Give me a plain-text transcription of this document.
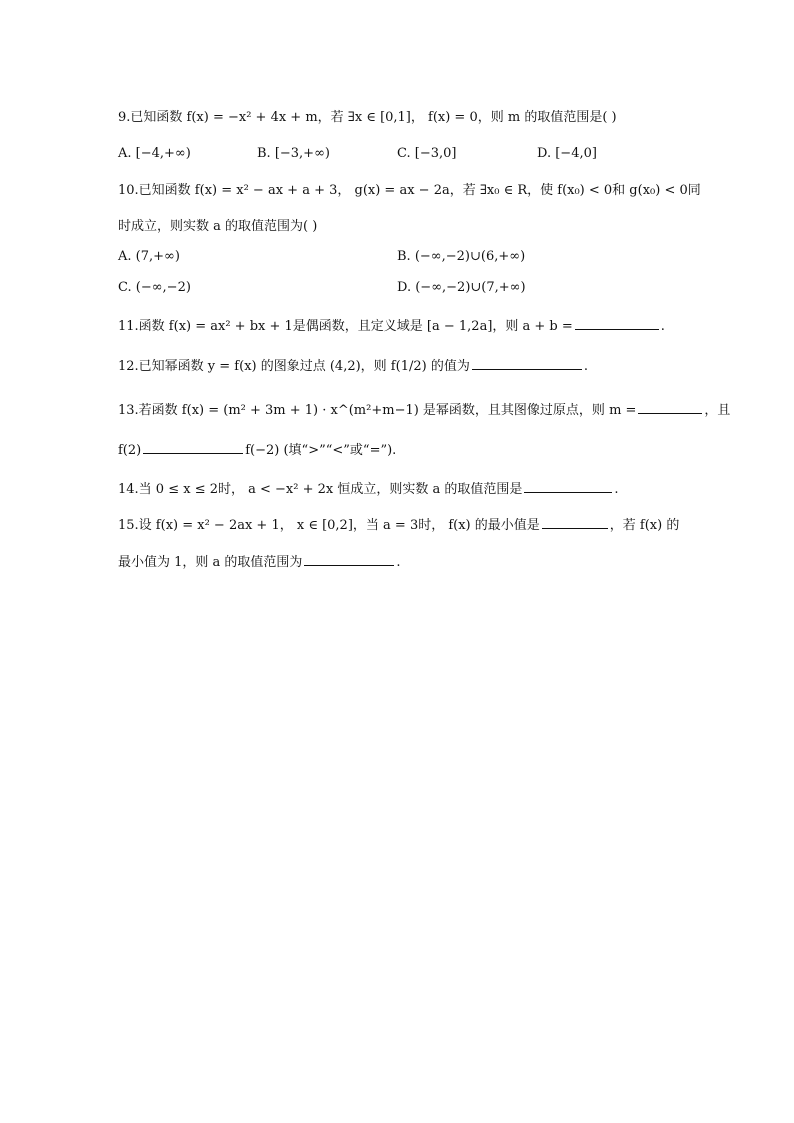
9.已知函数 f(x) = −x² + 4x + m，若 ∃x ∈ [0,1]， f(x) = 0，则 m 的取值范围是( )
A. [−4,+∞)	B. [−3,+∞)	C. [−3,0]	D. [−4,0]
10.已知函数 f(x) = x² − ax + a + 3， g(x) = ax − 2a，若 ∃x₀ ∈ R，使 f(x₀) < 0和 g(x₀) < 0同
时成立，则实数 a 的取值范围为( )
A. (7,+∞)	B. (−∞,−2)∪(6,+∞)
C. (−∞,−2)	D. (−∞,−2)∪(7,+∞)
11.函数 f(x) = ax² + bx + 1是偶函数，且定义域是 [a − 1,2a]，则 a + b =	.
12.已知幂函数 y = f(x) 的图象过点 (4,2)，则 f(1/2) 的值为	.
13.若函数 f(x) = (m² + 3m + 1) · x^(m²+m−1) 是幂函数，且其图像过原点，则 m =	，且
f(2)	f(−2) (填“>”“<”或“=”).
14.当 0 ≤ x ≤ 2时， a < −x² + 2x 恒成立，则实数 a 的取值范围是	.
15.设 f(x) = x² − 2ax + 1， x ∈ [0,2]，当 a = 3时， f(x) 的最小值是	，若 f(x) 的
最小值为 1，则 a 的取值范围为	.
